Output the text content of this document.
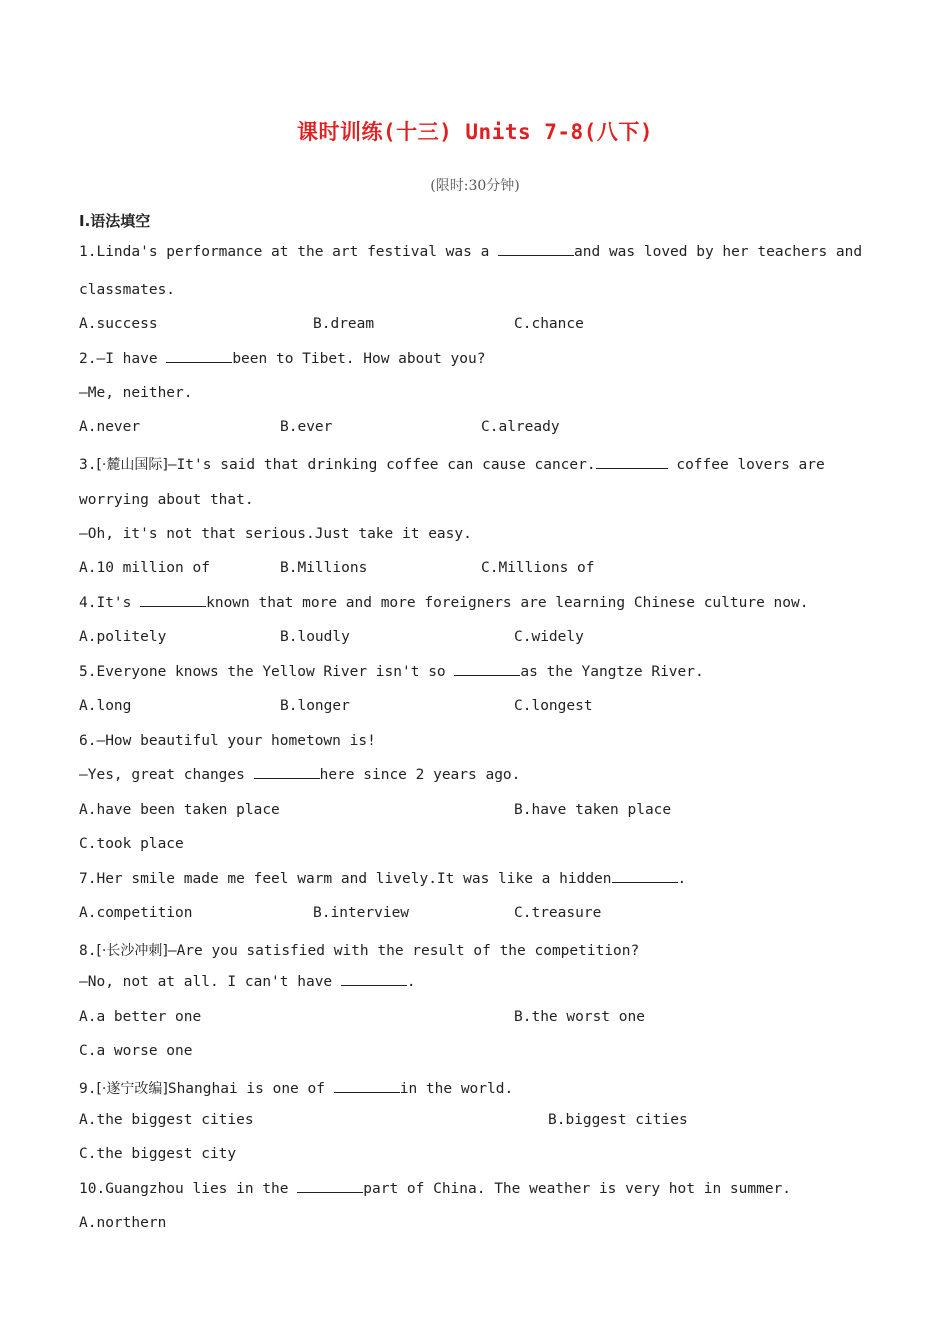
课时训练(十三) Units 7-8(八下)
(限时:30分钟)
Ⅰ.语法填空
1.Linda's performance at the art festival was a	and was loved by her teachers and
classmates.
A.success	B.dream	C.chance
2.—I have	been to Tibet. How about you?
—Me, neither.
A.never	B.ever	C.already
3.[·麓山国际]—It's said that drinking coffee can cause cancer.	coffee lovers are
worrying about that.
—Oh, it's not that serious.Just take it easy.
A.10 million of	B.Millions	C.Millions of
4.It's	known that more and more foreigners are learning Chinese culture now.
A.politely	B.loudly	C.widely
5.Everyone knows the Yellow River isn't so	as the Yangtze River.
A.long	B.longer	C.longest
6.—How beautiful your hometown is!
—Yes, great changes	here since 2 years ago.
A.have been taken place	B.have taken place
C.took place
7.Her smile made me feel warm and lively.It was like a hidden	.
A.competition	B.interview	C.treasure
8.[·长沙冲刺]—Are you satisfied with the result of the competition?
—No, not at all. I can't have	.
A.a better one	B.the worst one
C.a worse one
9.[·遂宁改编]Shanghai is one of	in the world.
A.the biggest cities	B.biggest cities
C.the biggest city
10.Guangzhou lies in the	part of China. The weather is very hot in summer.
A.northern
